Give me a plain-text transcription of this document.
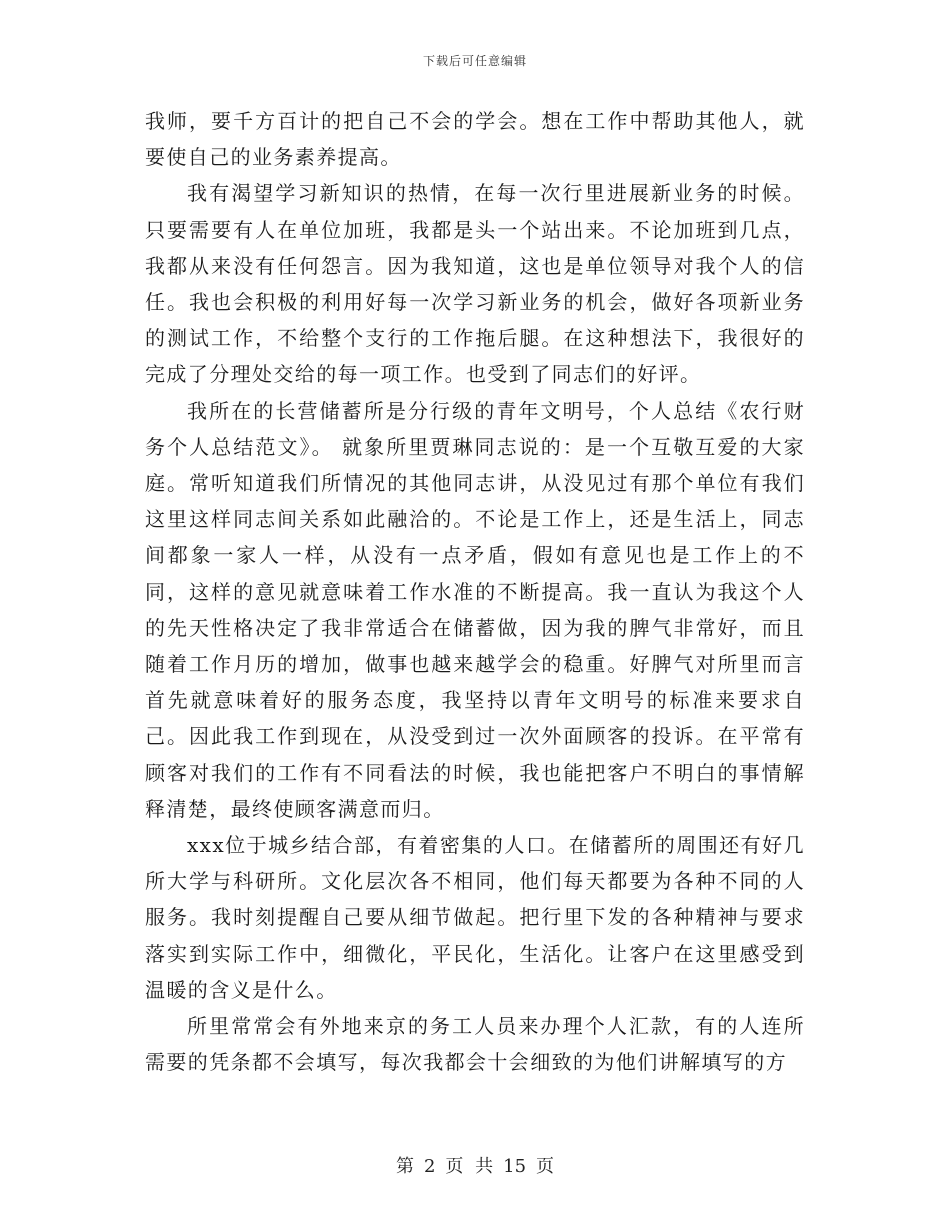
下载后可任意编辑

我师，要千方百计的把自己不会的学会。想在工作中帮助其他人，就要使自己的业务素养提高。

我有渴望学习新知识的热情，在每一次行里进展新业务的时候。只要需要有人在单位加班，我都是头一个站出来。不论加班到几点，我都从来没有任何怨言。因为我知道，这也是单位领导对我个人的信任。我也会积极的利用好每一次学习新业务的机会，做好各项新业务的测试工作，不给整个支行的工作拖后腿。在这种想法下，我很好的完成了分理处交给的每一项工作。也受到了同志们的好评。

我所在的长营储蓄所是分行级的青年文明号，个人总结《农行财务个人总结范文》。 就象所里贾琳同志说的：是一个互敬互爱的大家庭。常听知道我们所情况的其他同志讲，从没见过有那个单位有我们这里这样同志间关系如此融洽的。不论是工作上，还是生活上，同志间都象一家人一样，从没有一点矛盾，假如有意见也是工作上的不同，这样的意见就意味着工作水准的不断提高。我一直认为我这个人的先天性格决定了我非常适合在储蓄做，因为我的脾气非常好，而且随着工作月历的增加，做事也越来越学会的稳重。好脾气对所里而言首先就意味着好的服务态度，我坚持以青年文明号的标准来要求自己。因此我工作到现在，从没受到过一次外面顾客的投诉。在平常有顾客对我们的工作有不同看法的时候，我也能把客户不明白的事情解释清楚，最终使顾客满意而归。

xxx位于城乡结合部，有着密集的人口。在储蓄所的周围还有好几所大学与科研所。文化层次各不相同，他们每天都要为各种不同的人服务。我时刻提醒自己要从细节做起。把行里下发的各种精神与要求落实到实际工作中，细微化，平民化，生活化。让客户在这里感受到温暖的含义是什么。

所里常常会有外地来京的务工人员来办理个人汇款，有的人连所需要的凭条都不会填写，每次我都会十会细致的为他们讲解填写的方

第 2 页 共 15 页
